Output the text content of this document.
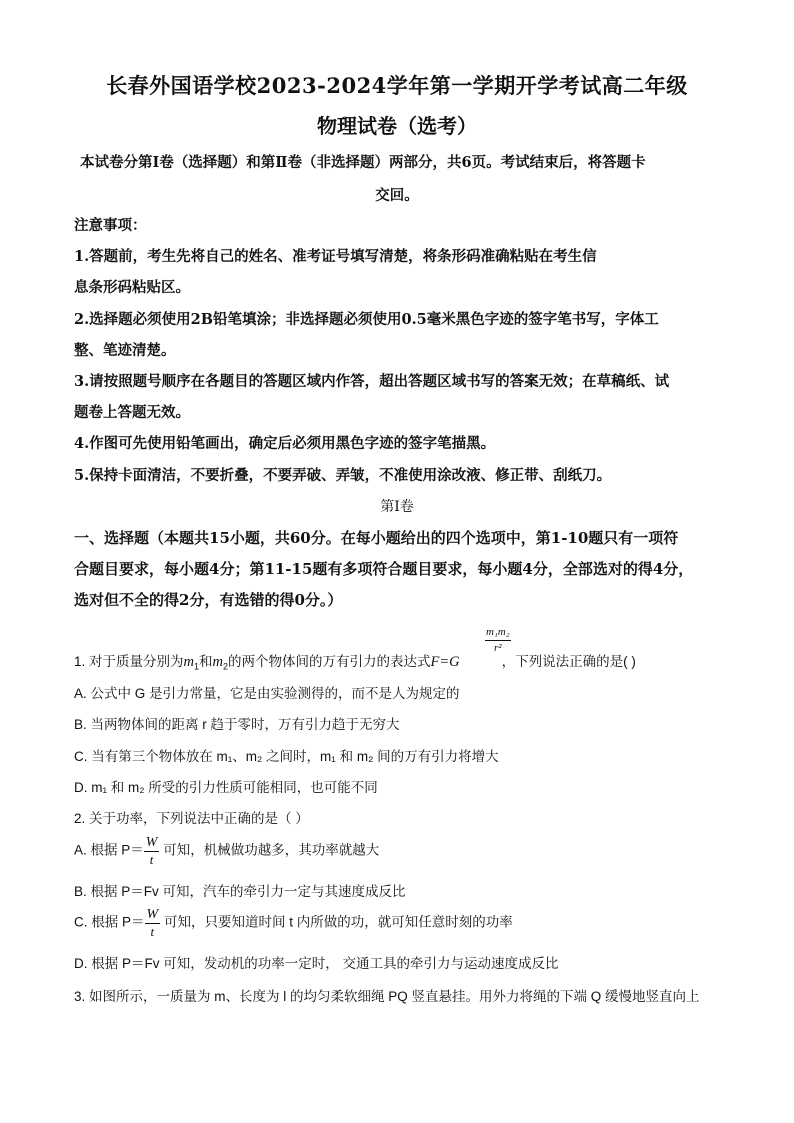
长春外国语学校2023-2024学年第一学期开学考试高二年级
物理试卷（选考）
本试卷分第Ⅰ卷（选择题）和第Ⅱ卷（非选择题）两部分，共6页。考试结束后，将答题卡
交回。
注意事项：
1.答题前，考生先将自己的姓名、准考证号填写清楚，将条形码准确粘贴在考生信
息条形码粘贴区。
2.选择题必须使用2B铅笔填涂；非选择题必须使用0.5毫米黑色字迹的签字笔书写，字体工
整、笔迹清楚。
3.请按照题号顺序在各题目的答题区域内作答，超出答题区域书写的答案无效；在草稿纸、试
题卷上答题无效。
4.作图可先使用铅笔画出，确定后必须用黑色字迹的签字笔描黑。
5.保持卡面清洁，不要折叠，不要弄破、弄皱，不准使用涂改液、修正带、刮纸刀。
第Ⅰ卷
一、选择题（本题共15小题，共60分。在每小题给出的四个选项中，第1-10题只有一项符
合题目要求，每小题4分；第11-15题有多项符合题目要求，每小题4分，全部选对的得4分，
选对但不全的得2分，有选错的得0分。）
1. 对于质量分别为$m_1$和$m_2$的两个物体间的万有引力的表达式F=G	，下列说法正确的是( )
$\frac{\text{m₁m₂}}{\text{r²}}$
A. 公式中 G 是引力常量，它是由实验测得的，而不是人为规定的
B. 当两物体间的距离 r 趋于零时，万有引力趋于无穷大
C. 当有第三个物体放在 m₁、m₂ 之间时，m₁ 和 m₂ 间的万有引力将增大
D. m₁ 和 m₂ 所受的引力性质可能相同，也可能不同
2. 关于功率，下列说法中正确的是（ ）
A. 根据 $P= \frac{W}{t}$ 可知，机械做功越多，其功率就越大
B. 根据 P＝Fv 可知，汽车的牵引力一定与其速度成反比
C. 根据 $P= \frac{W}{t}$ 可知，只要知道时间 t 内所做的功，就可知任意时刻的功率
D. 根据 P＝Fv 可知，发动机的功率一定时， 交通工具的牵引力与运动速度成反比
3. 如图所示，一质量为 m、长度为 l 的均匀柔软细绳 PQ 竖直悬挂。用外力将绳的下端 Q 缓慢地竖直向上
